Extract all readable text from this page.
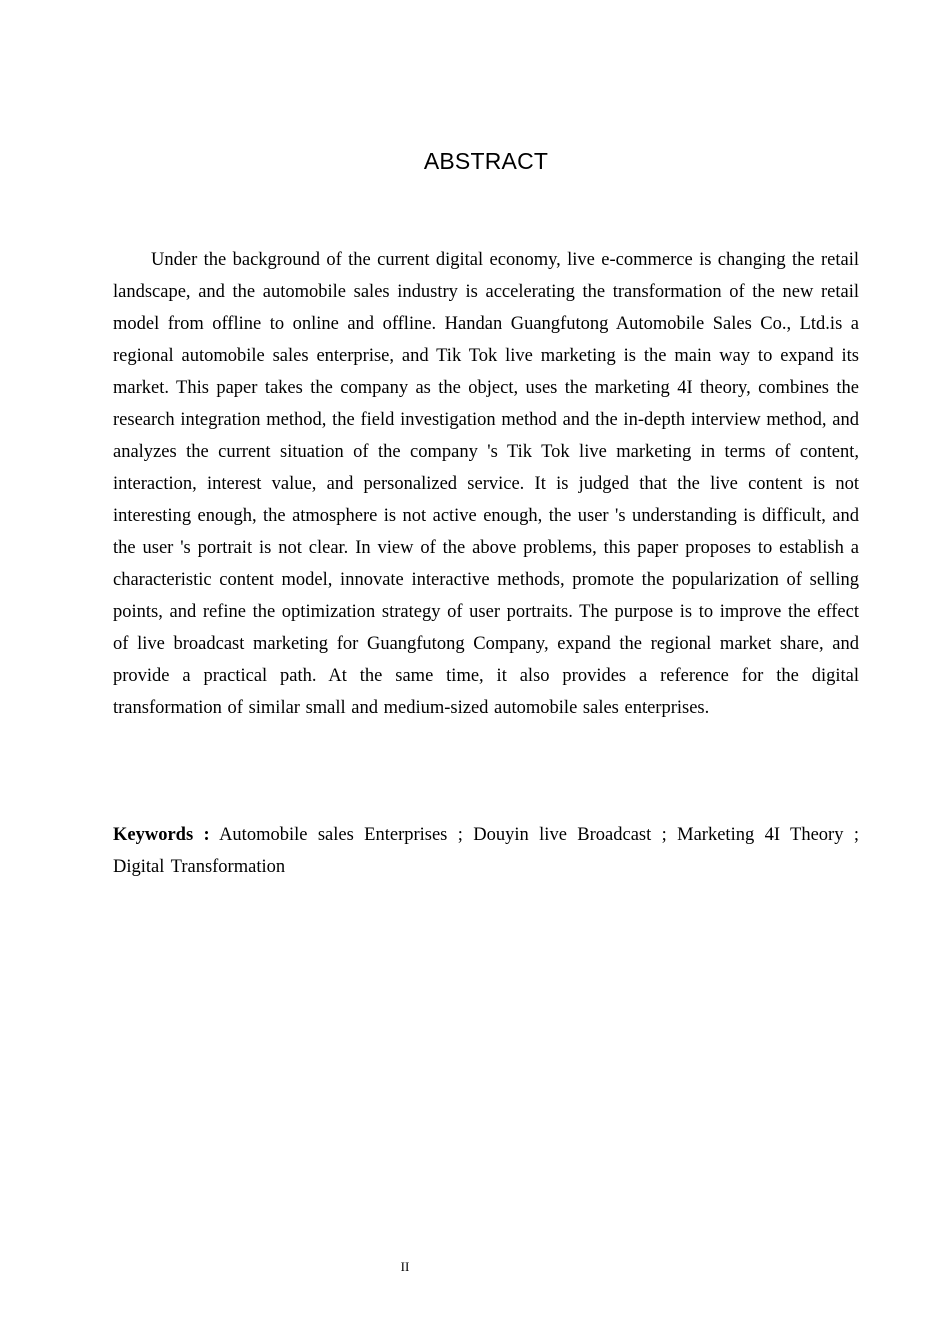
ABSTRACT

Under the background of the current digital economy, live e-commerce is changing the retail landscape, and the automobile sales industry is accelerating the transformation of the new retail model from offline to online and offline. Handan Guangfutong Automobile Sales Co., Ltd.is a regional automobile sales enterprise, and Tik Tok live marketing is the main way to expand its market. This paper takes the company as the object, uses the marketing 4I theory, combines the research integration method, the field investigation method and the in-depth interview method, and analyzes the current situation of the company 's Tik Tok live marketing in terms of content, interaction, interest value, and personalized service. It is judged that the live content is not interesting enough, the atmosphere is not active enough, the user 's understanding is difficult, and the user 's portrait is not clear. In view of the above problems, this paper proposes to establish a characteristic content model, innovate interactive methods, promote the popularization of selling points, and refine the optimization strategy of user portraits. The purpose is to improve the effect of live broadcast marketing for Guangfutong Company, expand the regional market share, and provide a practical path. At the same time, it also provides a reference for the digital transformation of similar small and medium-sized automobile sales enterprises.

Keywords : Automobile sales Enterprises ; Douyin live Broadcast ; Marketing 4I Theory ; Digital Transformation

II
